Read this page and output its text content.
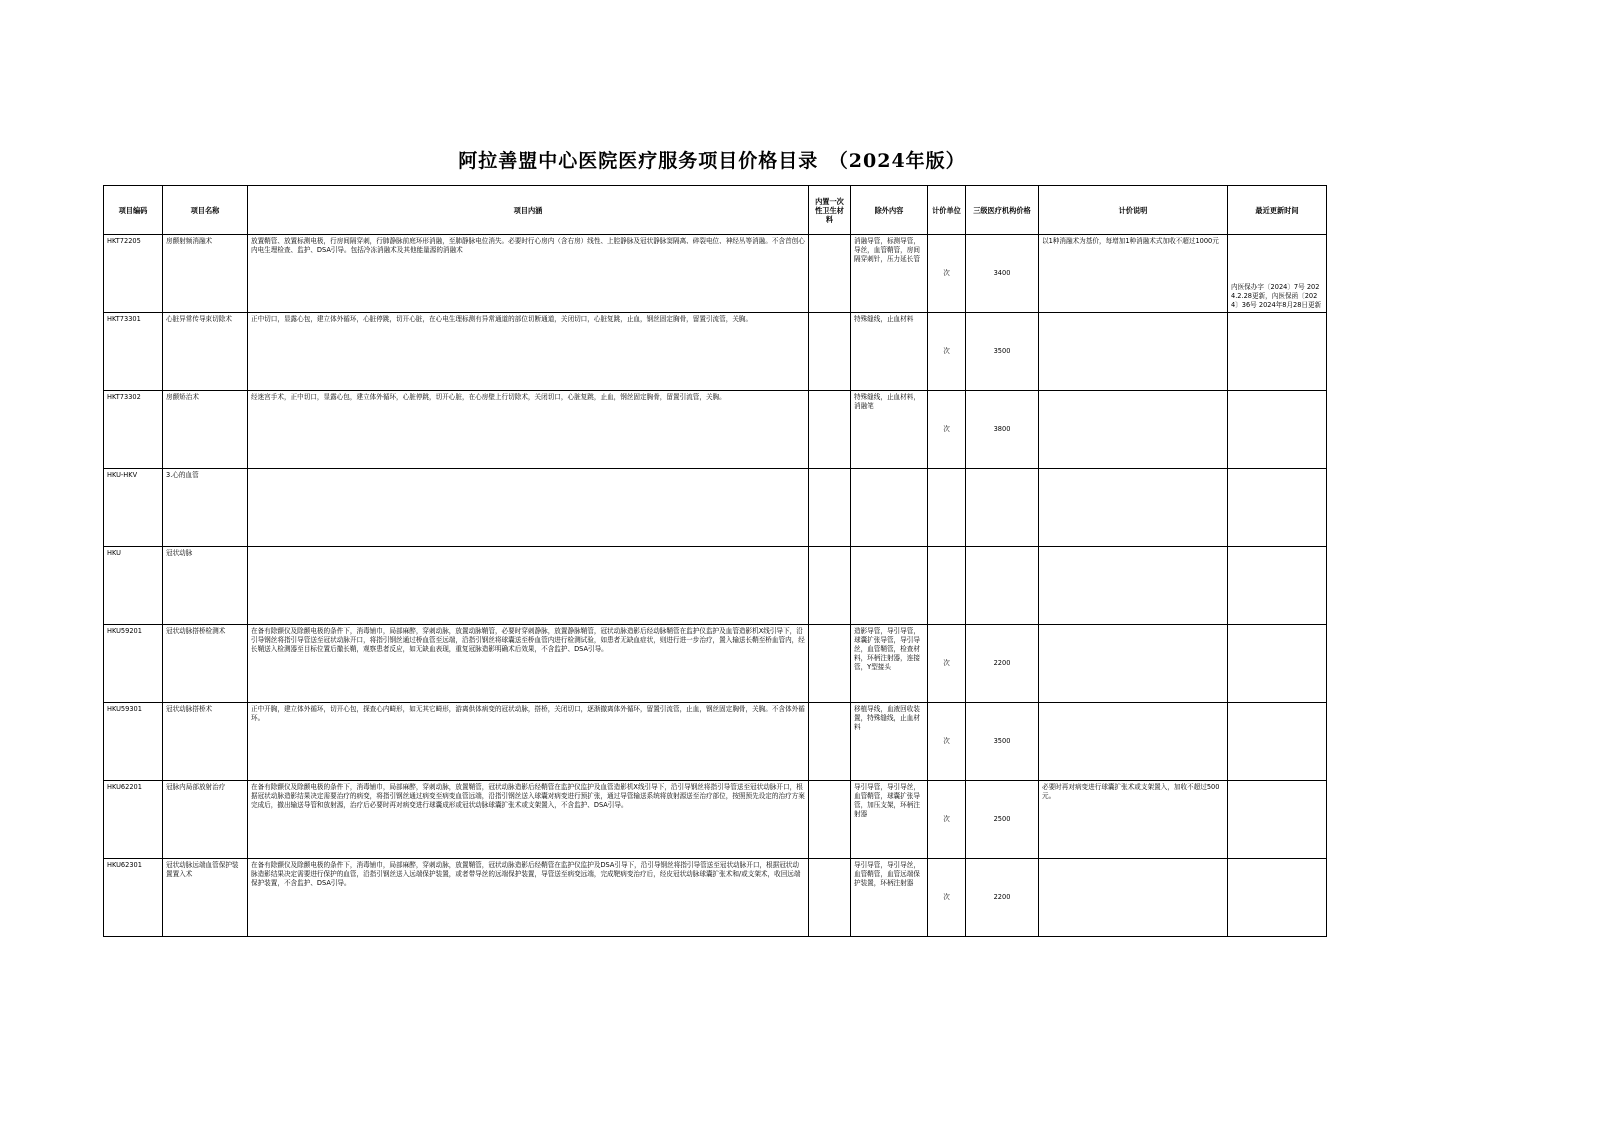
阿拉善盟中心医院医疗服务项目价格目录　（2024年版）
项目编码	项目名称	项目内涵	内置一次性卫生材料	除外内容	计价单位	三级医疗机构价格	计价说明	最近更新时间
HKT72205	房颤射频消融术	放置鞘管、放置标测电极，行房间隔穿刺，行肺静脉前庭环形消融，至肺静脉电位消失。必要时行心房内（含右房）线性、上腔静脉及冠状静脉窦隔离、碎裂电位、神经丛等消融。不含首创心内电生理检查、监护、DSA引导。包括冷冻消融术及其他能量源的消融术		消融导管，标测导管，导丝，血管鞘管，房间隔穿刺针，压力延长管	次	3400	以1种消融术为基价，每增加1种消融术式加收不超过1000元	内医保办字〔2024〕7号 2024.2.28更新，內医保函〔2024〕36号 2024年8月28日更新
HKT73301	心脏异常传导束切除术	正中切口，显露心包，建立体外循环，心脏停跳，切开心脏，在心电生理标测有异常通道的部位切断通道，关闭切口，心脏复跳，止血，钢丝固定胸骨，留置引流管，关胸。		特殊缝线，止血材料	次	3500		
HKT73302	房颤矫治术	经迷宫手术，正中切口，显露心包，建立体外循环，心脏停跳，切开心脏，在心房壁上行切除术，关闭切口，心脏复跳，止血，钢丝固定胸骨，留置引流管，关胸。		特殊缝线，止血材料，消融笔	次	3800		
HKU-HKV	3.心的血管							
HKU	冠状动脉							
HKU59201	冠状动脉搭桥检测术	在备有除颤仪及除颤电极的条件下，消毒铺巾，局部麻醉，穿刺动脉，放置动脉鞘管，必要时穿刺静脉，放置静脉鞘管，冠状动脉造影后经动脉鞘管在监护仪监护及血管造影机X线引导下，沿引导钢丝将指引导管送至冠状动脉开口，将指引钢丝通过桥血管至远端，沿指引钢丝将球囊送至桥血管内进行检测试验，如患者无缺血症状，则进行进一步治疗，置入输送长鞘至桥血管内，经长鞘送入检测器至目标位置后撤长鞘，观察患者反应，如无缺血表现，重复冠脉造影明确术后效果，不含监护、DSA引导。		造影导管，导引导管，球囊扩张导管，导引导丝，血管鞘管，检查材料，环柄注射器，连接管，Y型接头	次	2200		
HKU59301	冠状动脉搭桥术	正中开胸，建立体外循环，切开心包，探查心内畸形，如无其它畸形，游离供体病变的冠状动脉，搭桥，关闭切口，逐渐撤离体外循环，留置引流管，止血，钢丝固定胸骨，关胸。不含体外循环。		移植导线，血液回收装置，特殊缝线，止血材料	次	3500		
HKU62201	冠脉内局部放射治疗	在备有除颤仪及除颤电极的条件下，消毒铺巾，局部麻醉，穿刺动脉，放置鞘管，冠状动脉造影后经鞘管在监护仪监护及血管造影机X线引导下，沿引导钢丝将指引导管送至冠状动脉开口，根据冠状动脉造影结果决定需要治疗的病变，将指引钢丝通过病变至病变血管远端，沿指引钢丝送入球囊对病变进行预扩张，通过导管输送系统将放射源送至治疗部位，按照预先设定的治疗方案完成后，撤出输送导管和放射源，治疗后必要时再对病变进行球囊成形或冠状动脉球囊扩张术或支架置入，不含监护、DSA引导。		导引导管，导引导丝，血管鞘管，球囊扩张导管，加压支架，环柄注射器	次	2500	必要时再对病变进行球囊扩张术或支架置入，加收不超过500元。	
HKU62301	冠状动脉远端血管保护装置置入术	在备有除颤仪及除颤电极的条件下，消毒铺巾，局部麻醉，穿刺动脉，放置鞘管，冠状动脉造影后经鞘管在监护仪监护及DSA引导下，沿引导钢丝将指引导管送至冠状动脉开口，根据冠状动脉造影结果决定需要进行保护的血管，沿指引钢丝送入远端保护装置，或者带导丝的远端保护装置，导管送至病变远端，完成靶病变治疗后，经皮冠状动脉球囊扩张术和/或支架术，收回远端保护装置，不含监护、DSA引导。		导引导管，导引导丝，血管鞘管，血管远端保护装置，环柄注射器	次	2200		
